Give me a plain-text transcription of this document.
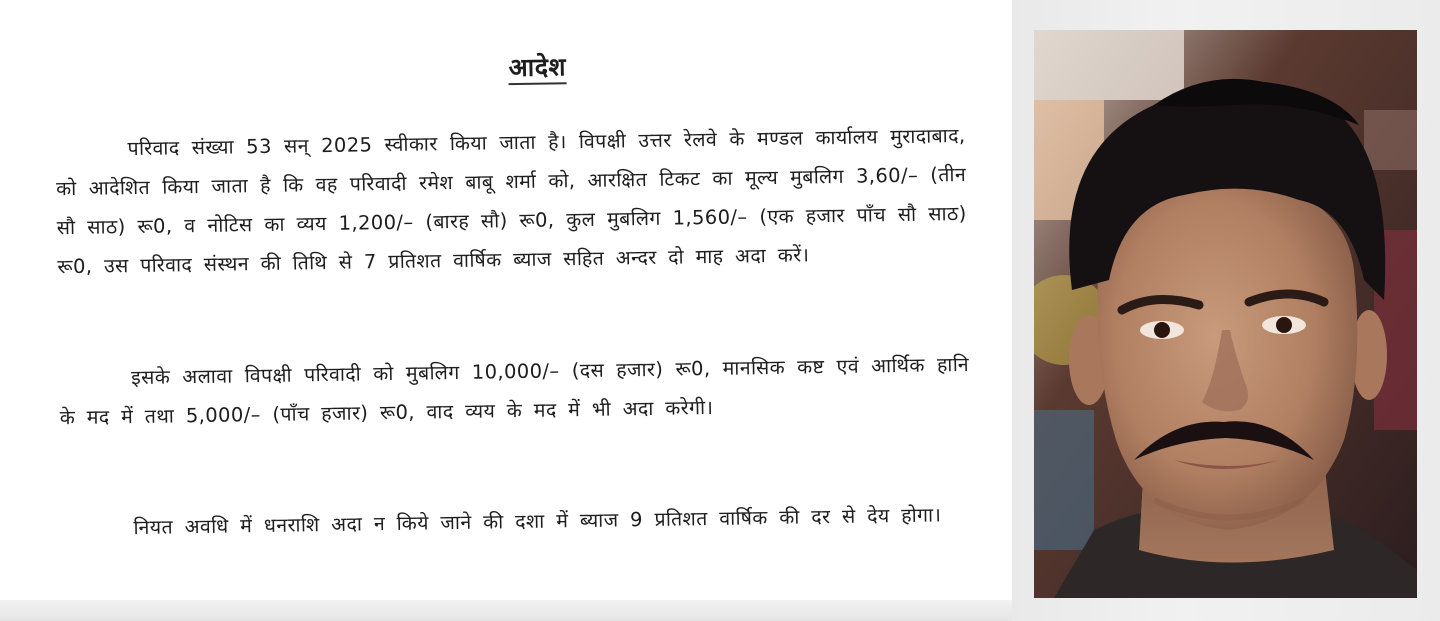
आदेश

परिवाद संख्या 53 सन् 2025 स्वीकार किया जाता है। विपक्षी उत्तर रेलवे के मण्डल कार्यालय मुरादाबाद, को आदेशित किया जाता है कि वह परिवादी रमेश बाबू शर्मा को, आरक्षित टिकट का मूल्य मुबलिग 3,60/– (तीन सौ साठ) रू0, व नोटिस का व्यय 1,200/– (बारह सौ) रू0, कुल मुबलिग 1,560/– (एक हजार पाँच सौ साठ) रू0, उस परिवाद संस्थन की तिथि से 7 प्रतिशत वार्षिक ब्याज सहित अन्दर दो माह अदा करें।

इसके अलावा विपक्षी परिवादी को मुबलिग 10,000/– (दस हजार) रू0, मानसिक कष्ट एवं आर्थिक हानि के मद में तथा 5,000/– (पाँच हजार) रू0, वाद व्यय के मद में भी अदा करेगी।

नियत अवधि में धनराशि अदा न किये जाने की दशा में ब्याज 9 प्रतिशत वार्षिक की दर से देय होगा।
